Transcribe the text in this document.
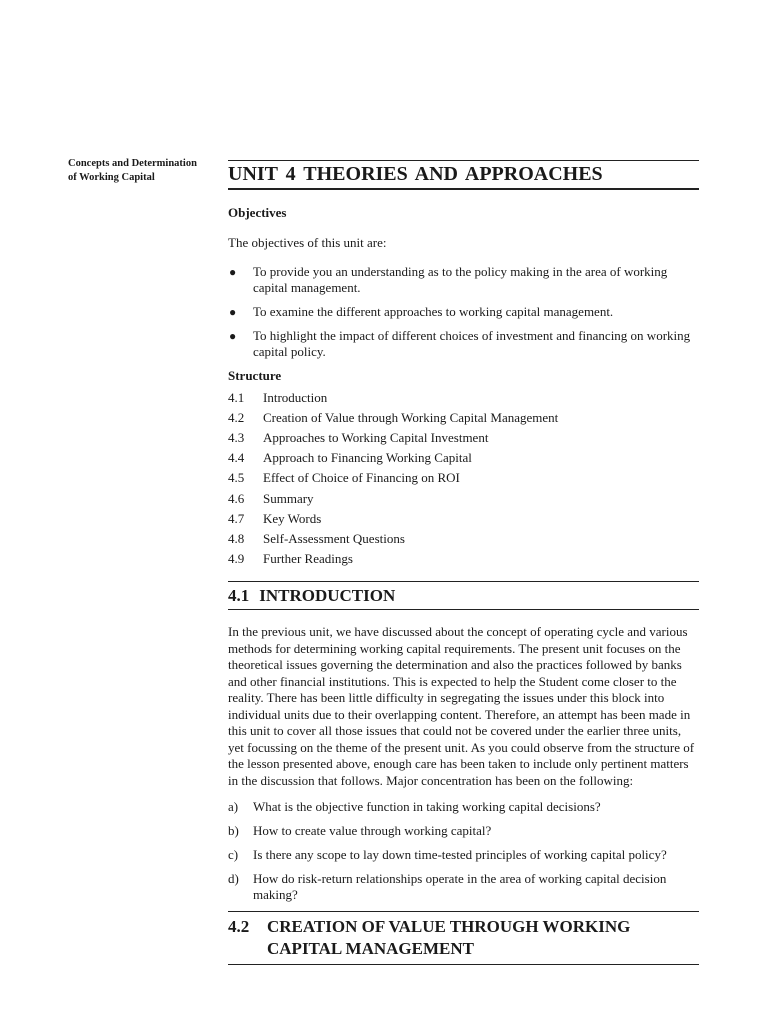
Concepts and Determination
of Working Capital	UNIT 4 THEORIES AND APPROACHES
Objectives

The objectives of this unit are:

● To provide you an understanding as to the policy making in the area of working capital management.
● To examine the different approaches to working capital management.
● To highlight the impact of different choices of investment and financing on working capital policy.
Structure
4.1 Introduction
4.2 Creation of Value through Working Capital Management
4.3 Approaches to Working Capital Investment
4.4 Approach to Financing Working Capital
4.5 Effect of Choice of Financing on ROI
4.6 Summary
4.7 Key Words
4.8 Self-Assessment Questions
4.9 Further Readings
4.1 INTRODUCTION

In the previous unit, we have discussed about the concept of operating cycle and various methods for determining working capital requirements. The present unit focuses on the theoretical issues governing the determination and also the practices followed by banks and other financial institutions. This is expected to help the Student come closer to the reality. There has been little difficulty in segregating the issues under this block into individual units due to their overlapping content. Therefore, an attempt has been made in this unit to cover all those issues that could not be covered under the earlier three units, yet focussing on the theme of the present unit. As you could observe from the structure of the lesson presented above, enough care has been taken to include only pertinent matters in the discussion that follows. Major concentration has been on the following:

a) What is the objective function in taking working capital decisions?
b) How to create value through working capital?
c) Is there any scope to lay down time-tested principles of working capital policy?
d) How do risk-return relationships operate in the area of working capital decision making?
4.2 CREATION OF VALUE THROUGH WORKING CAPITAL MANAGEMENT
